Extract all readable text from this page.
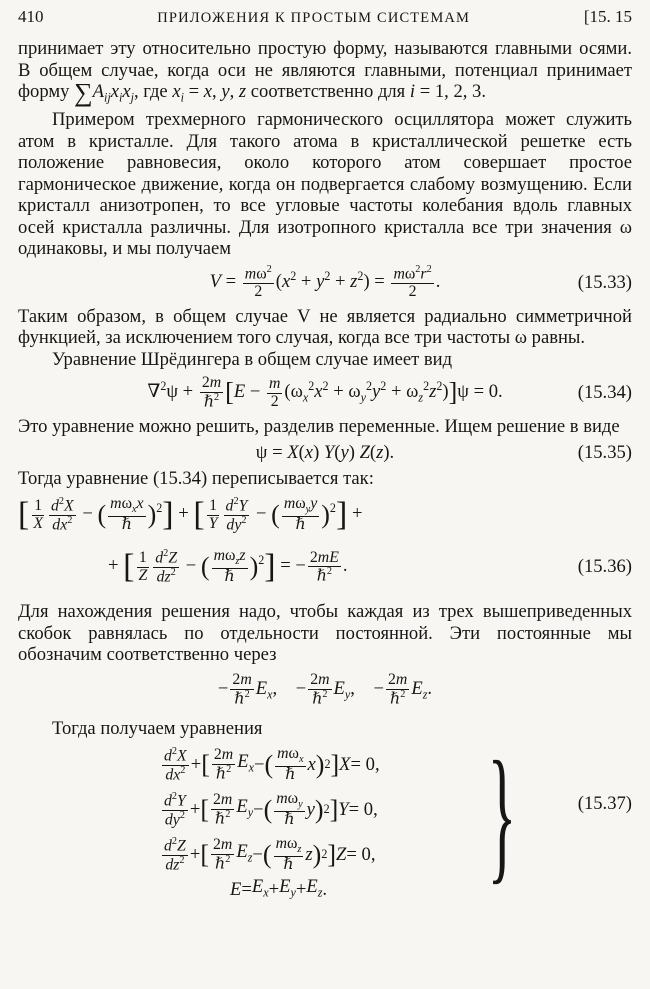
410	ПРИЛОЖЕНИЯ К ПРОСТЫМ СИСТЕМАМ	[15. 15

принимает эту относительно простую форму, называются главными осями. В общем случае, когда оси не являются главными, потенциал принимает форму $\sum A_{ij}x_ix_j$, где $x_i = x$, y, z соответственно для i = 1, 2, 3.

Примером трехмерного гармонического осциллятора может служить атом в кристалле. Для такого атома в кристаллической решетке есть положение равновесия, около которого атом совершает простое гармоническое движение, когда он подвергается слабому возмущению. Если кристалл анизотропен, то все угловые частоты колебания вдоль главных осей кристалла различны. Для изотропного кристалла все три значения ω одинаковы, и мы получаем

$V = \frac{m\omega^2}{2} (x^2 + y^2 + z^2) = \frac{m\omega^2r^2}{2}$ .	(15.33)

Таким образом, в общем случае V не является радиально симметричной функцией, за исключением того случая, когда все три частоты ω равны.

Уравнение Шрёдингера в общем случае имеет вид

$\nabla^2\psi + \frac{2m}{\hbar^2} [E - \frac{m}{2} (\omega_x^2x^2 + \omega_y^2y^2 + \omega_z^2z^2)]\psi = 0$.	(15.34)

Это уравнение можно решить, разделив переменные. Ищем решение в виде

ψ = X(x) Y(y) Z(z).	(15.35)

Тогда уравнение (15.34) переписывается так:

[ $\frac{1}{X} \frac{d^2X}{dx^2}$ − ( $\frac{m\omega_xx}{\text{ℏ}} )^2$] + [ $\frac{1}{Y} \frac{d^2Y}{dy^2}$ − ( $\frac{m\omega_yy}{\text{ℏ}} )^2$] +
+ [ $\frac{1}{Z} \frac{d^2Z}{dz^2}$ − ( $\frac{m\omega_zz}{\text{ℏ}} )^2$] = − $\frac{2mE}{\hbar^2}$ .	(15.36)

Для нахождения решения надо, чтобы каждая из трех вышеприведенных скобок равнялась по отдельности постоянной. Эти постоянные мы обозначим соответственно через

− $\frac{2m}{\hbar^2} E_x$,    − $\frac{2m}{\hbar^2} E_y$,    − $\frac{2m}{\hbar^2} E_z$.

Тогда получаем уравнения

$\frac{d^2X}{dx^2}$ + [ $\frac{2m}{\hbar^2} E_x$ − ( $\frac{m\omega_x}{\text{ℏ}}$ x ) 2 ] X = 0,
$\frac{d^2Y}{dy^2}$ + [ $\frac{2m}{\hbar^2} E_y$ − ( $\frac{m\omega_y}{\text{ℏ}}$ y ) 2 ] Y = 0,
$\frac{d^2Z}{dz^2}$ + [ $\frac{2m}{\hbar^2} E_z$ − ( $\frac{m\omega_z}{\text{ℏ}}$ z ) 2 ] Z = 0,
$E = E_x + E_y + E_z$ . }	(15.37)
